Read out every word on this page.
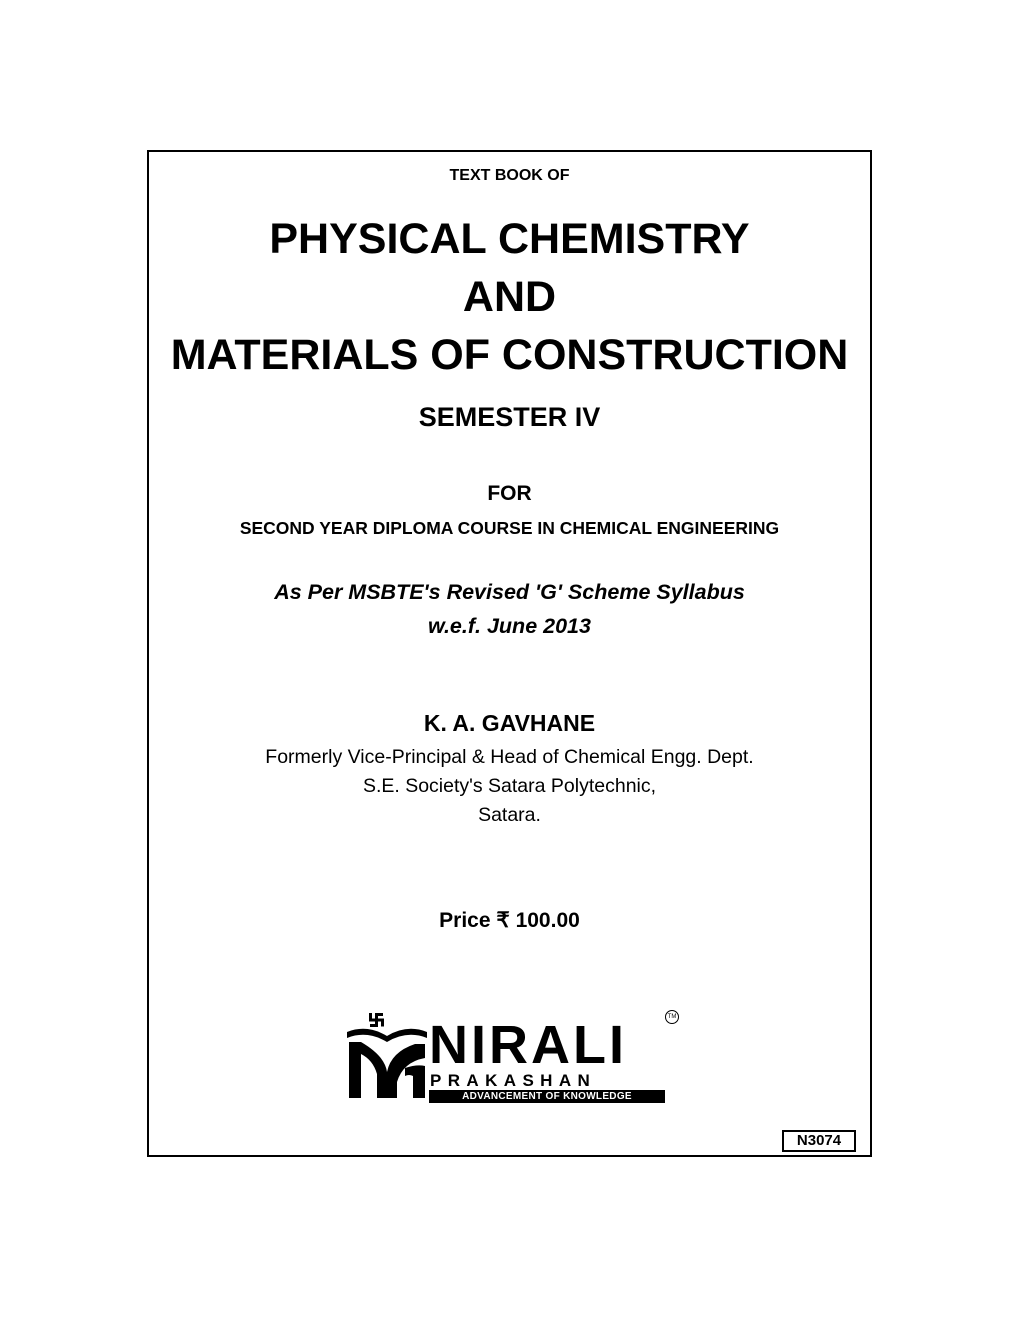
TEXT BOOK OF

PHYSICAL CHEMISTRY

AND

MATERIALS OF CONSTRUCTION

SEMESTER IV

FOR

SECOND YEAR DIPLOMA COURSE IN CHEMICAL ENGINEERING

As Per MSBTE's Revised 'G' Scheme Syllabus

w.e.f. June 2013

K. A. GAVHANE

Formerly Vice-Principal & Head of Chemical Engg. Dept.

S.E. Society's Satara Polytechnic,

Satara.

Price ₹ 100.00

NIRALI	TM
PRAKASHAN
ADVANCEMENT OF KNOWLEDGE
N3074
